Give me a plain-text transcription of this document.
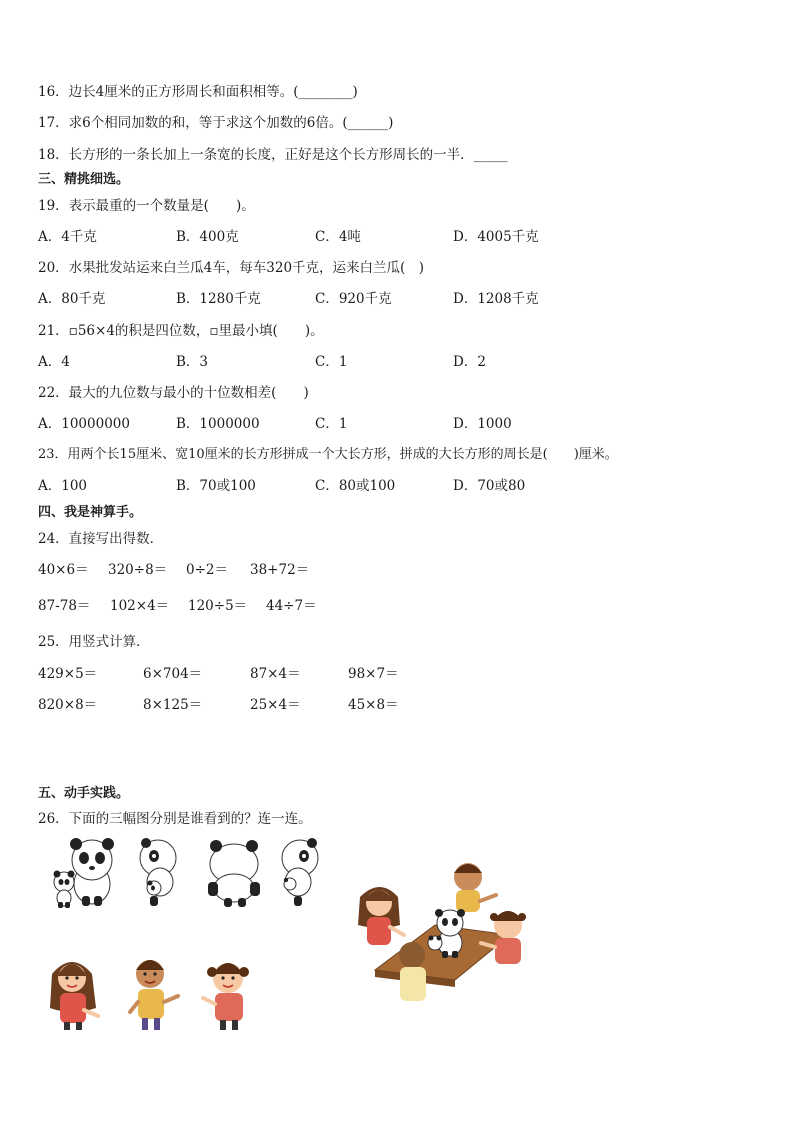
16．边长4厘米的正方形周长和面积相等。(________)
17．求6个相同加数的和，等于求这个加数的6倍。(______)
18．长方形的一条长加上一条宽的长度，正好是这个长方形周长的一半．_____
三、精挑细选。
19．表示最重的一个数量是(　　)。
A．4千克	B．400克	C．4吨	D．4005千克
20．水果批发站运来白兰瓜4车，每车320千克，运来白兰瓜(　)
A．80千克	B．1280千克	C．920千克	D．1208千克
21．▫56×4的积是四位数，▫里最小填(　　)。
A．4	B．3	C．1	D．2
22．最大的九位数与最小的十位数相差(　　)
A．10000000	B．1000000	C．1	D．1000
23．用两个长15厘米、宽10厘米的长方形拼成一个大长方形，拼成的大长方形的周长是(　　)厘米。
A．100	B．70或100	C．80或100	D．70或80
四、我是神算手。
24．直接写出得数．
40×6＝ 320÷8＝ 0÷2＝ 38+72＝
87-78＝ 102×4＝ 120÷5＝ 44÷7＝
25．用竖式计算．
429×5＝	6×704＝	87×4＝	98×7＝
820×8＝	8×125＝	25×4＝	45×8＝
五、动手实践。
26．下面的三幅图分别是谁看到的？连一连。
